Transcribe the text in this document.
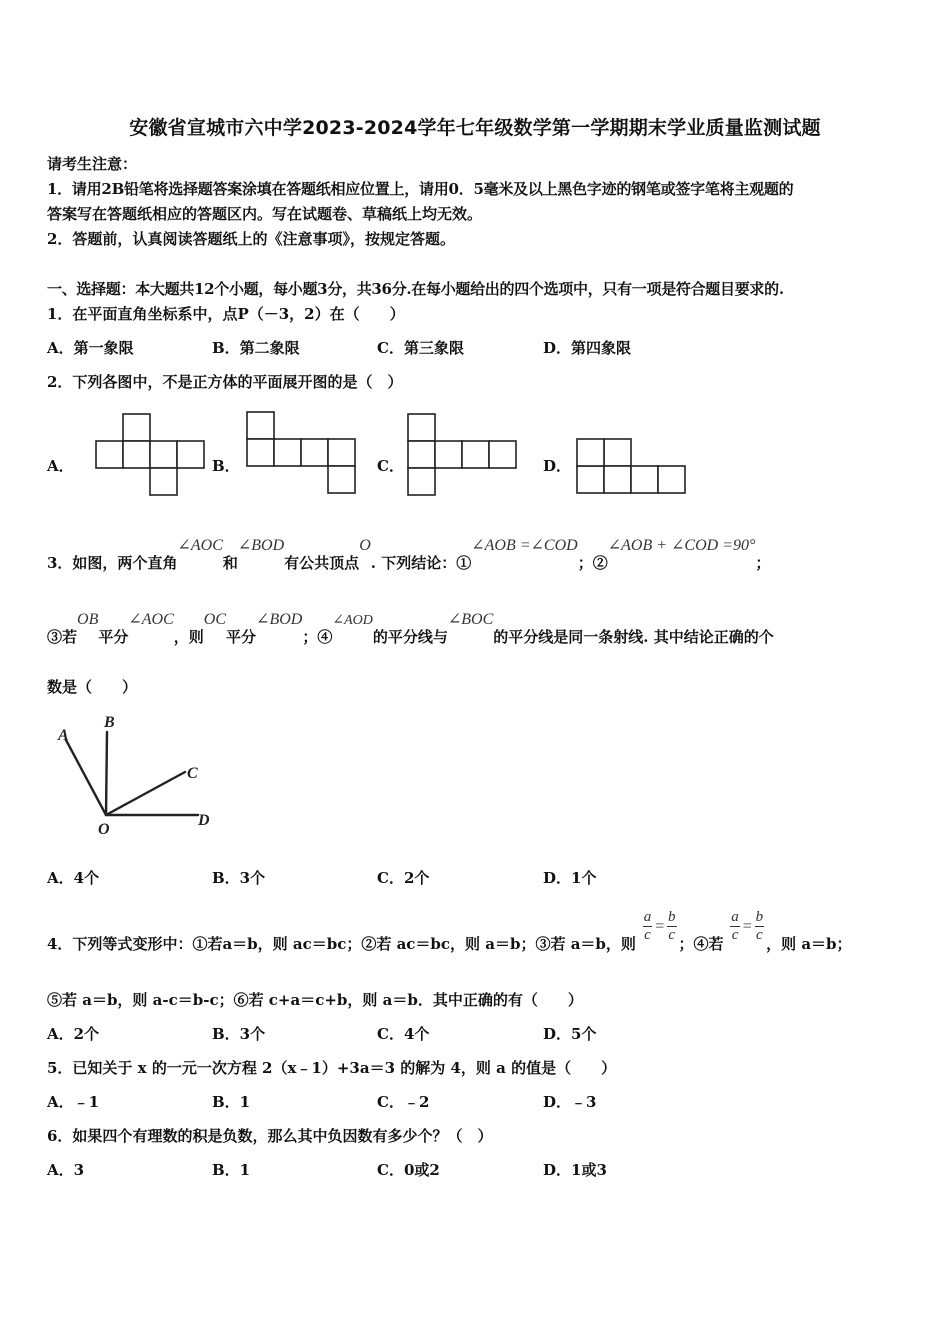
安徽省宣城市六中学2023-2024学年七年级数学第一学期期末学业质量监测试题
请考生注意：
1．请用2B铅笔将选择题答案涂填在答题纸相应位置上，请用0．5毫米及以上黑色字迹的钢笔或签字笔将主观题的
答案写在答题纸相应的答题区内。写在试题卷、草稿纸上均无效。
2．答题前，认真阅读答题纸上的《注意事项》，按规定答题。
一、选择题：本大题共12个小题，每小题3分，共36分.在每小题给出的四个选项中，只有一项是符合题目要求的.
1．在平面直角坐标系中，点P（－3，2）在（　　）
A．第一象限	B．第二象限	C．第三象限	D．第四象限
2．下列各图中，不是正方体的平面展开图的是（　）
A．	B．	C．	D．
3．如图，两个直角∠AOC和∠BOD有公共顶点O. 下列结论：①∠AOB =∠COD；②∠AOB + ∠COD =90°；
③若OB平分∠AOC，则OC平分∠BOD；④∠AOD的平分线与∠BOC的平分线是同一条射线. 其中结论正确的个
数是（　　）
A
B
C
D
O
A．4个	B．3个	C．2个	D．1个
4．下列等式变形中：①若a＝b，则 ac＝bc；②若 ac＝bc，则 a＝b；③若 a＝b，则 $\frac{a}{c} = \frac{b}{c}$ ；④若 $\frac{a}{c} = \frac{b}{c}$ ，则 a＝b；
⑤若 a＝b，则 a-c＝b-c；⑥若 c+a＝c+b，则 a＝b．其中正确的有（　　）
A．2个	B．3个	C．4个	D．5个
5．已知关于 x 的一元一次方程 2（x﹣1）+3a＝3 的解为 4，则 a 的值是（　　）
A．﹣1	B．1	C．﹣2	D．﹣3
6．如果四个有理数的积是负数，那么其中负因数有多少个？（　）
A．3	B．1	C．0或2	D．1或3
